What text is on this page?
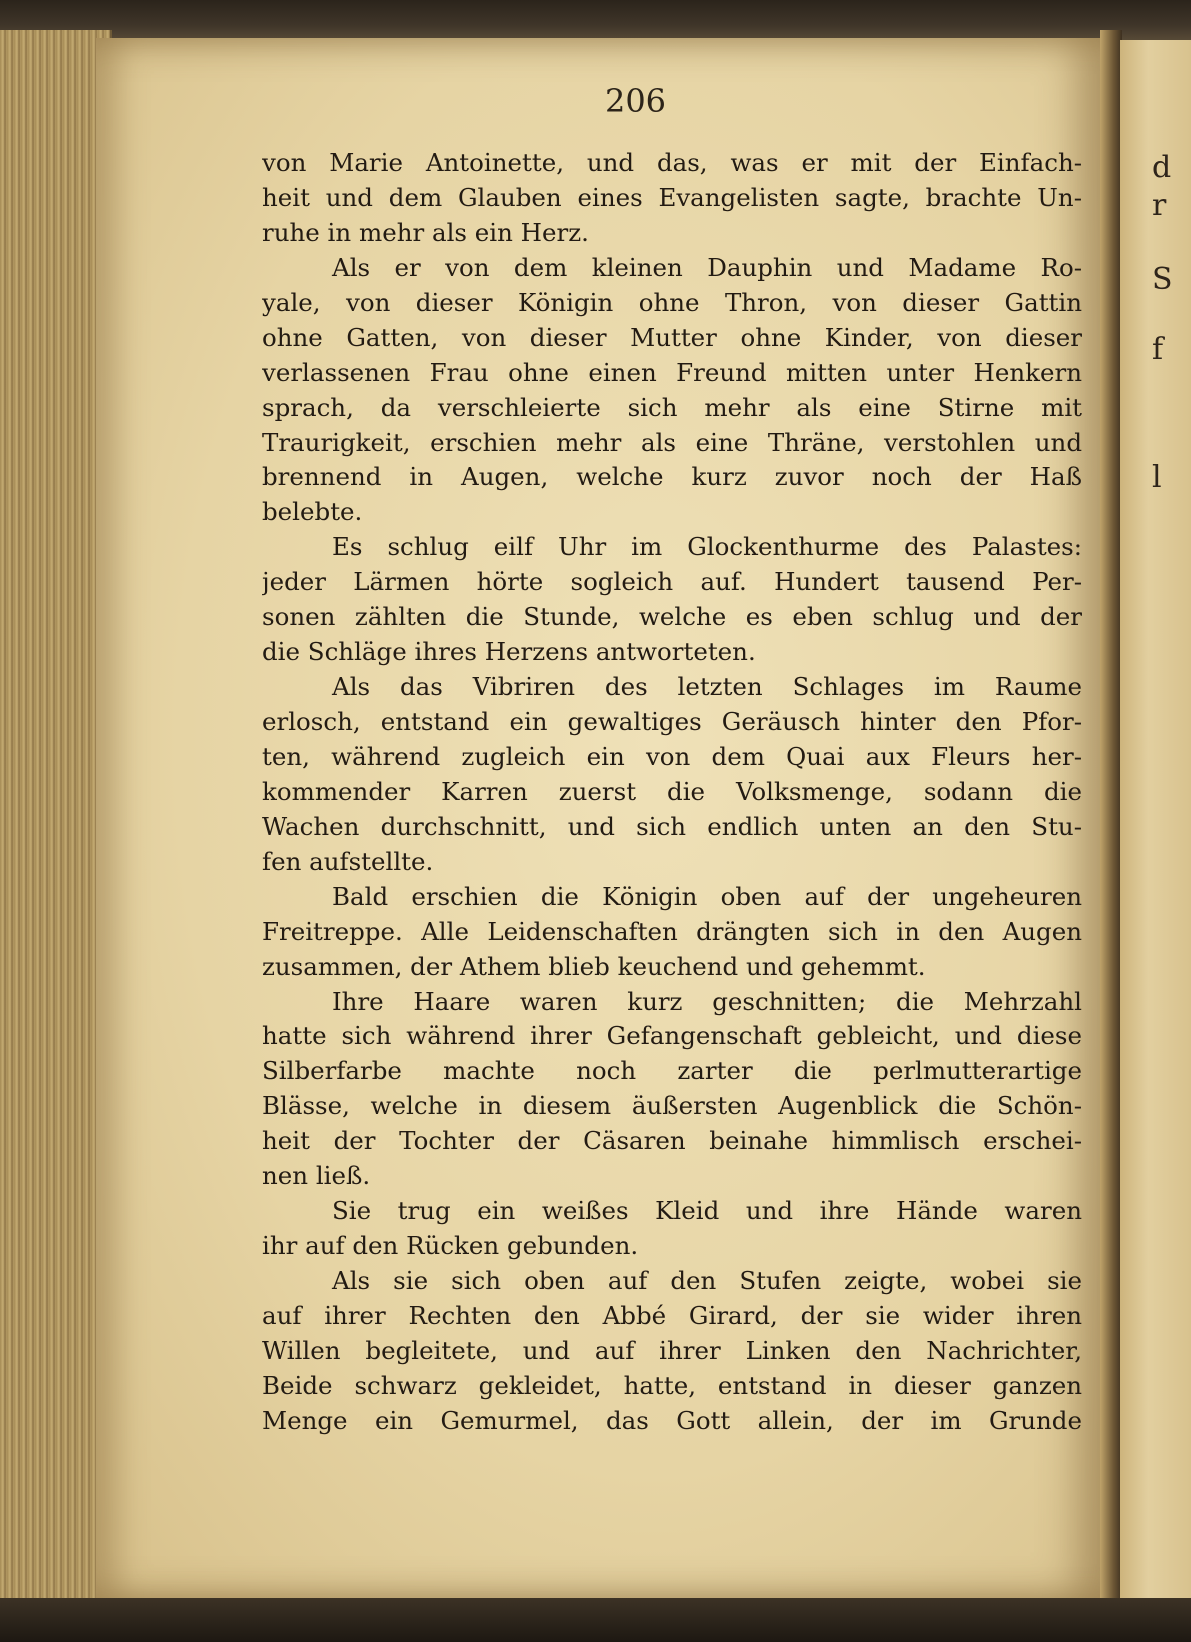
d
r
S
f
l
206
von Marie Antoinette, und das, was er mit der Einfach-
heit und dem Glauben eines Evangelisten sagte, brachte Un-
ruhe in mehr als ein Herz.
Als er von dem kleinen Dauphin und Madame Ro-
yale, von dieser Königin ohne Thron, von dieser Gattin
ohne Gatten, von dieser Mutter ohne Kinder, von dieser
verlassenen Frau ohne einen Freund mitten unter Henkern
sprach, da verschleierte sich mehr als eine Stirne mit
Traurigkeit, erschien mehr als eine Thräne, verstohlen und
brennend in Augen, welche kurz zuvor noch der Haß
belebte.
Es schlug eilf Uhr im Glockenthurme des Palastes:
jeder Lärmen hörte sogleich auf. Hundert tausend Per-
sonen zählten die Stunde, welche es eben schlug und der
die Schläge ihres Herzens antworteten.
Als das Vibriren des letzten Schlages im Raume
erlosch, entstand ein gewaltiges Geräusch hinter den Pfor-
ten, während zugleich ein von dem Quai aux Fleurs her-
kommender Karren zuerst die Volksmenge, sodann die
Wachen durchschnitt, und sich endlich unten an den Stu-
fen aufstellte.
Bald erschien die Königin oben auf der ungeheuren
Freitreppe. Alle Leidenschaften drängten sich in den Augen
zusammen, der Athem blieb keuchend und gehemmt.
Ihre Haare waren kurz geschnitten; die Mehrzahl
hatte sich während ihrer Gefangenschaft gebleicht, und diese
Silberfarbe machte noch zarter die perlmutterartige
Blässe, welche in diesem äußersten Augenblick die Schön-
heit der Tochter der Cäsaren beinahe himmlisch erschei-
nen ließ.
Sie trug ein weißes Kleid und ihre Hände waren
ihr auf den Rücken gebunden.
Als sie sich oben auf den Stufen zeigte, wobei sie
auf ihrer Rechten den Abbé Girard, der sie wider ihren
Willen begleitete, und auf ihrer Linken den Nachrichter,
Beide schwarz gekleidet, hatte, entstand in dieser ganzen
Menge ein Gemurmel, das Gott allein, der im Grunde
